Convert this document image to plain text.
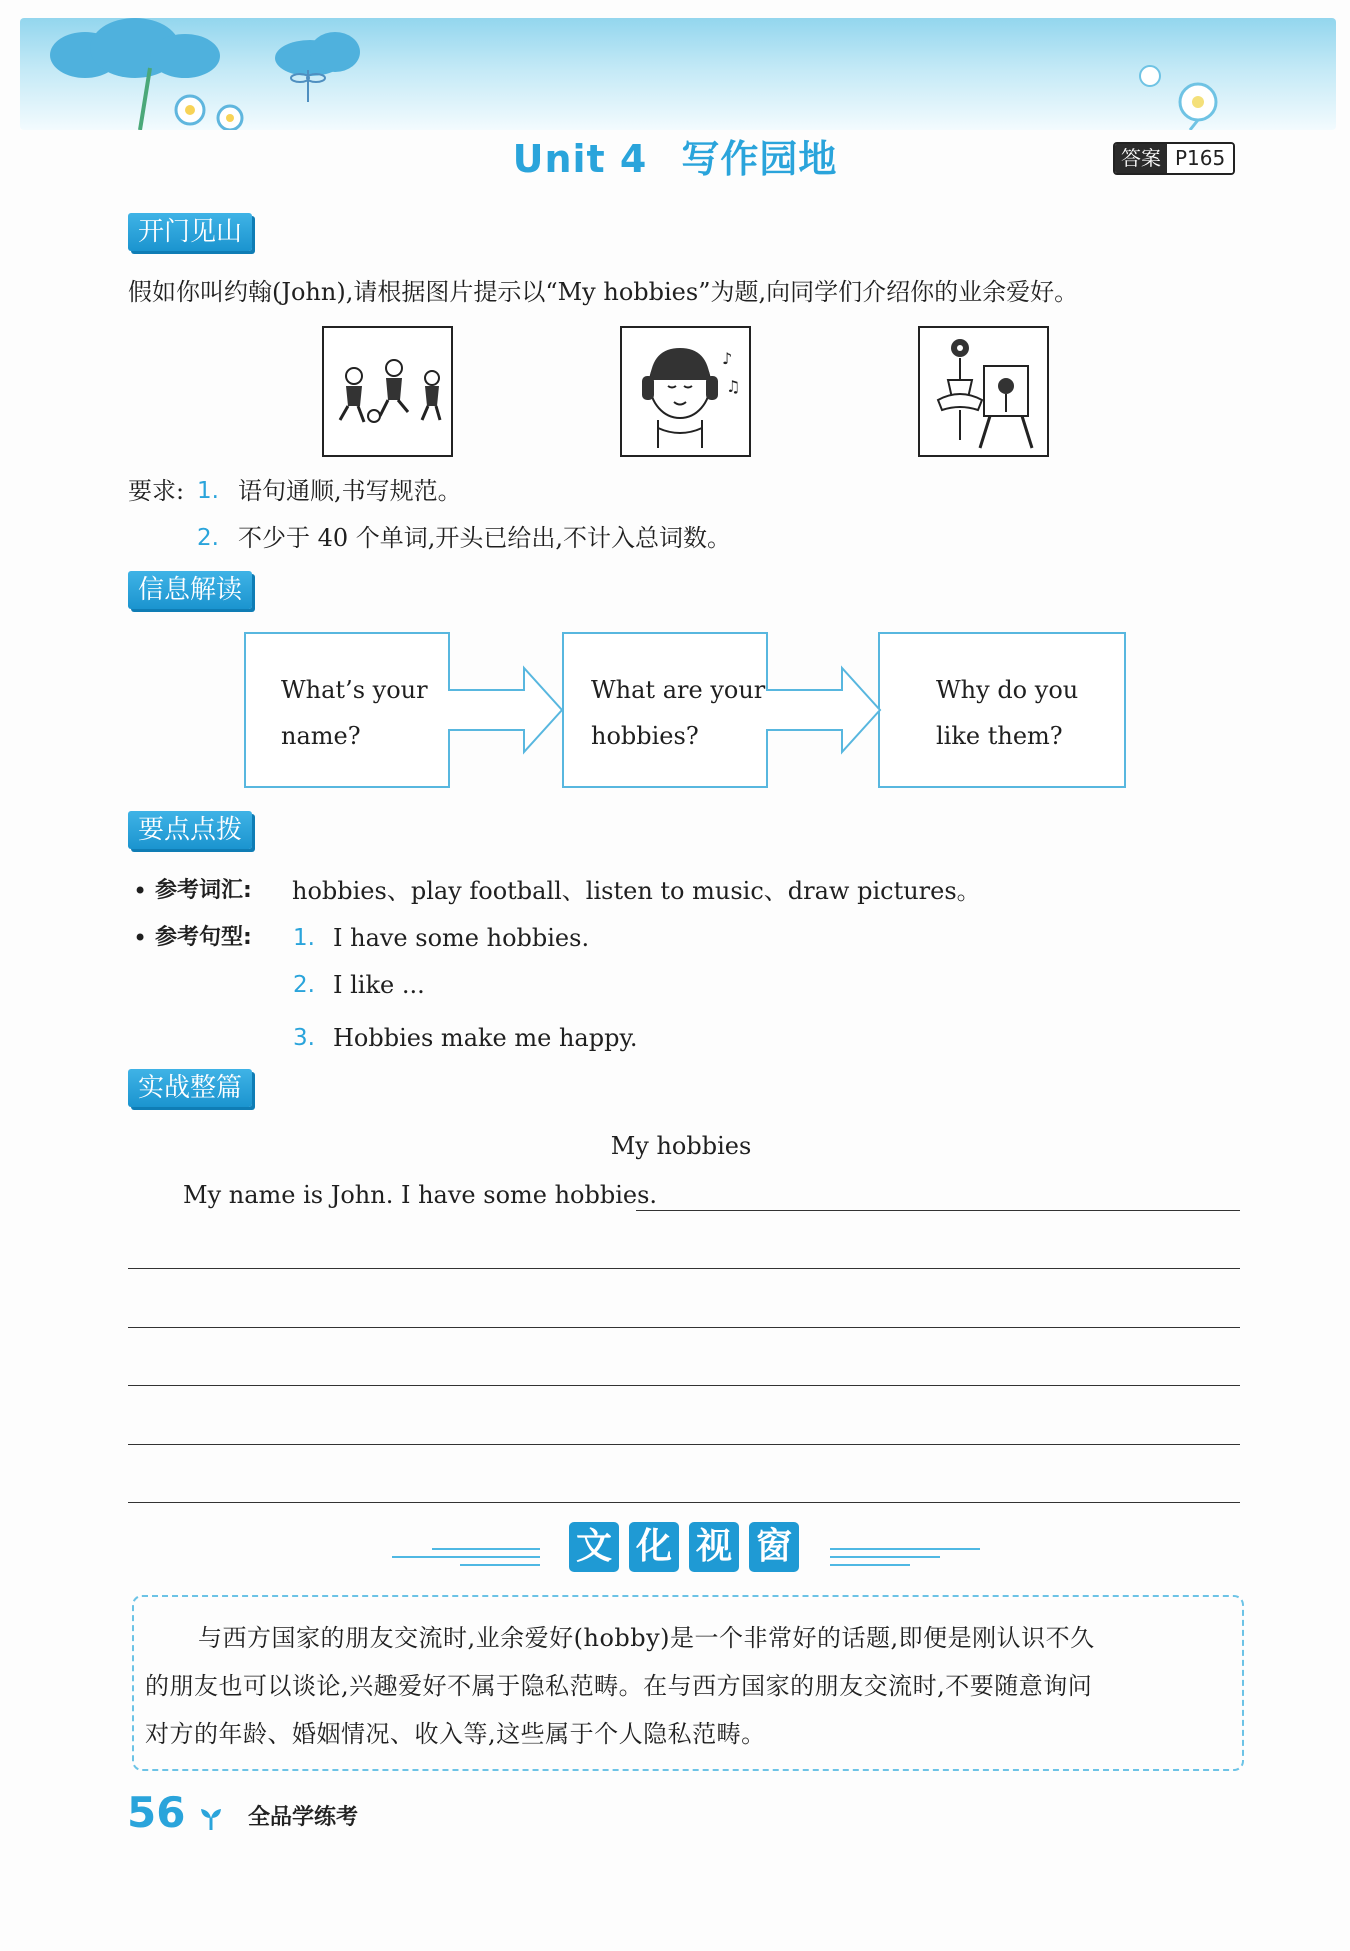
Unit 4 写作园地	答案 P165
开门见山
假如你叫约翰(John),请根据图片提示以“My hobbies”为题,向同学们介绍你的业余爱好。
♪
♫
要求: 1. 语句通顺,书写规范。
2. 不少于 40 个单词,开头已给出,不计入总词数。
信息解读
What’s your
name?
What are your
hobbies?
Why do you
like them?
要点点拨
• 参考词汇: hobbies、play football、listen to music、draw pictures。
• 参考句型: 1. I have some hobbies.
2. I like ...
3. Hobbies make me happy.
实战整篇
My hobbies
My name is John. I have some hobbies.
文 化 视 窗
与西方国家的朋友交流时,业余爱好(hobby)是一个非常好的话题,即便是刚认识不久
的朋友也可以谈论,兴趣爱好不属于隐私范畴。在与西方国家的朋友交流时,不要随意询问
对方的年龄、婚姻情况、收入等,这些属于个人隐私范畴。
56	全品学练考
